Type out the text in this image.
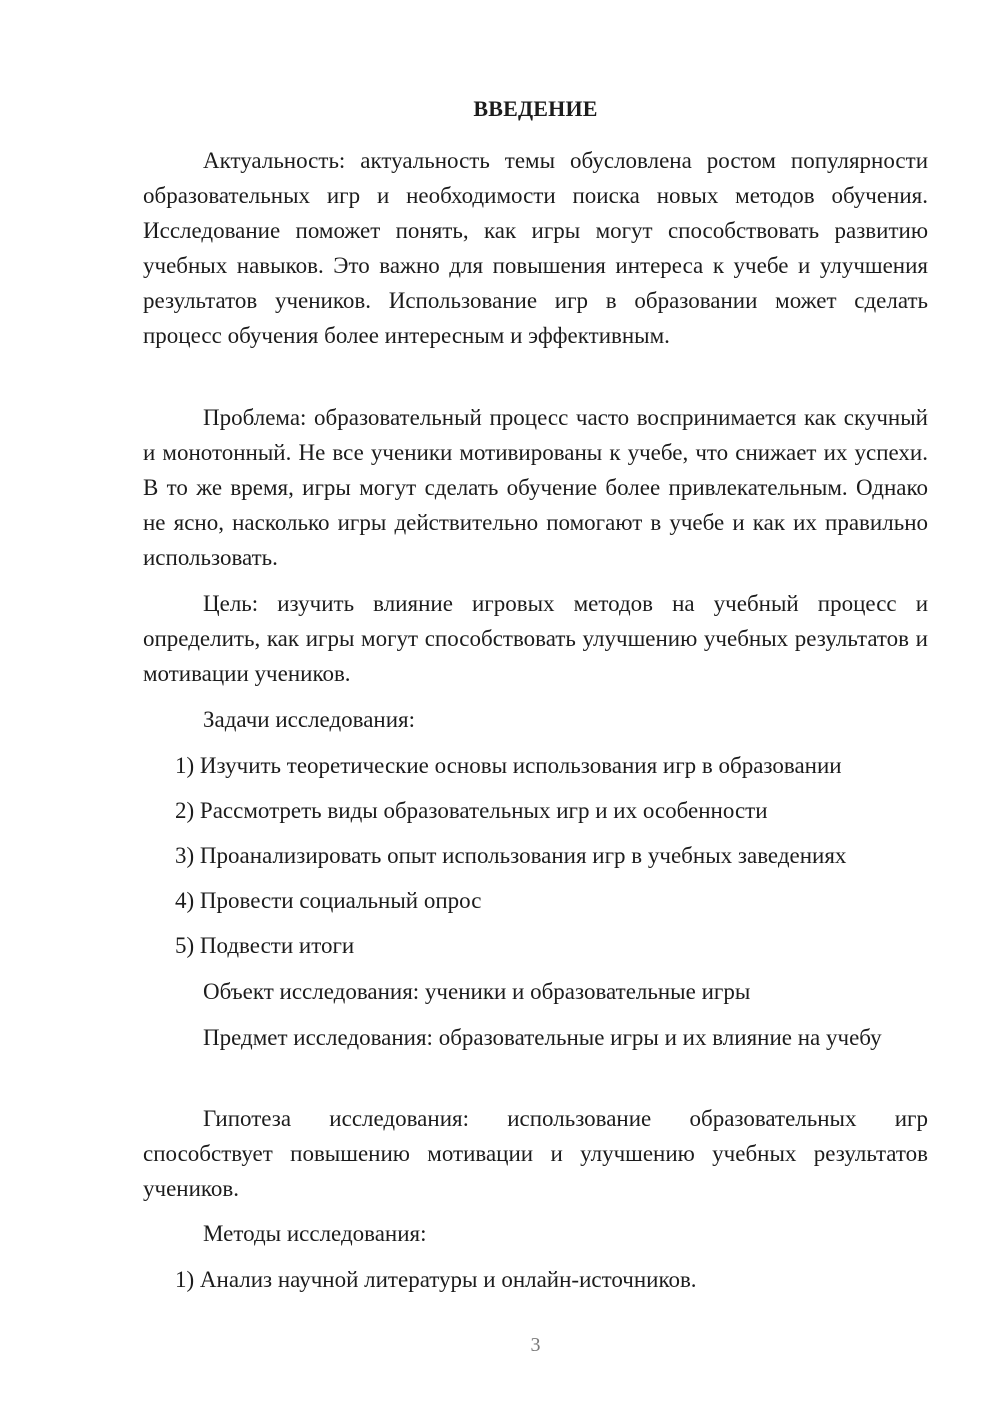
ВВЕДЕНИЕ

Актуальность: актуальность темы обусловлена ростом популярности образовательных игр и необходимости поиска новых методов обучения. Исследование поможет понять, как игры могут способствовать развитию учебных навыков. Это важно для повышения интереса к учебе и улучшения результатов учеников. Использование игр в образовании может сделать процесс обучения более интересным и эффективным.

Проблема: образовательный процесс часто воспринимается как скучный и монотонный. Не все ученики мотивированы к учебе, что снижает их успехи. В то же время, игры могут сделать обучение более привлекательным. Однако не ясно, насколько игры действительно помогают в учебе и как их правильно использовать.

Цель: изучить влияние игровых методов на учебный процесс и определить, как игры могут способствовать улучшению учебных результатов и мотивации учеников.

Задачи исследования:

1) Изучить теоретические основы использования игр в образовании

2) Рассмотреть виды образовательных игр и их особенности

3) Проанализировать опыт использования игр в учебных заведениях

4) Провести социальный опрос

5) Подвести итоги

Объект исследования: ученики и образовательные игры

Предмет исследования: образовательные игры и их влияние на учебу

Гипотеза исследования: использование образовательных игр способствует повышению мотивации и улучшению учебных результатов учеников.

Методы исследования:

1) Анализ научной литературы и онлайн-источников.

3
